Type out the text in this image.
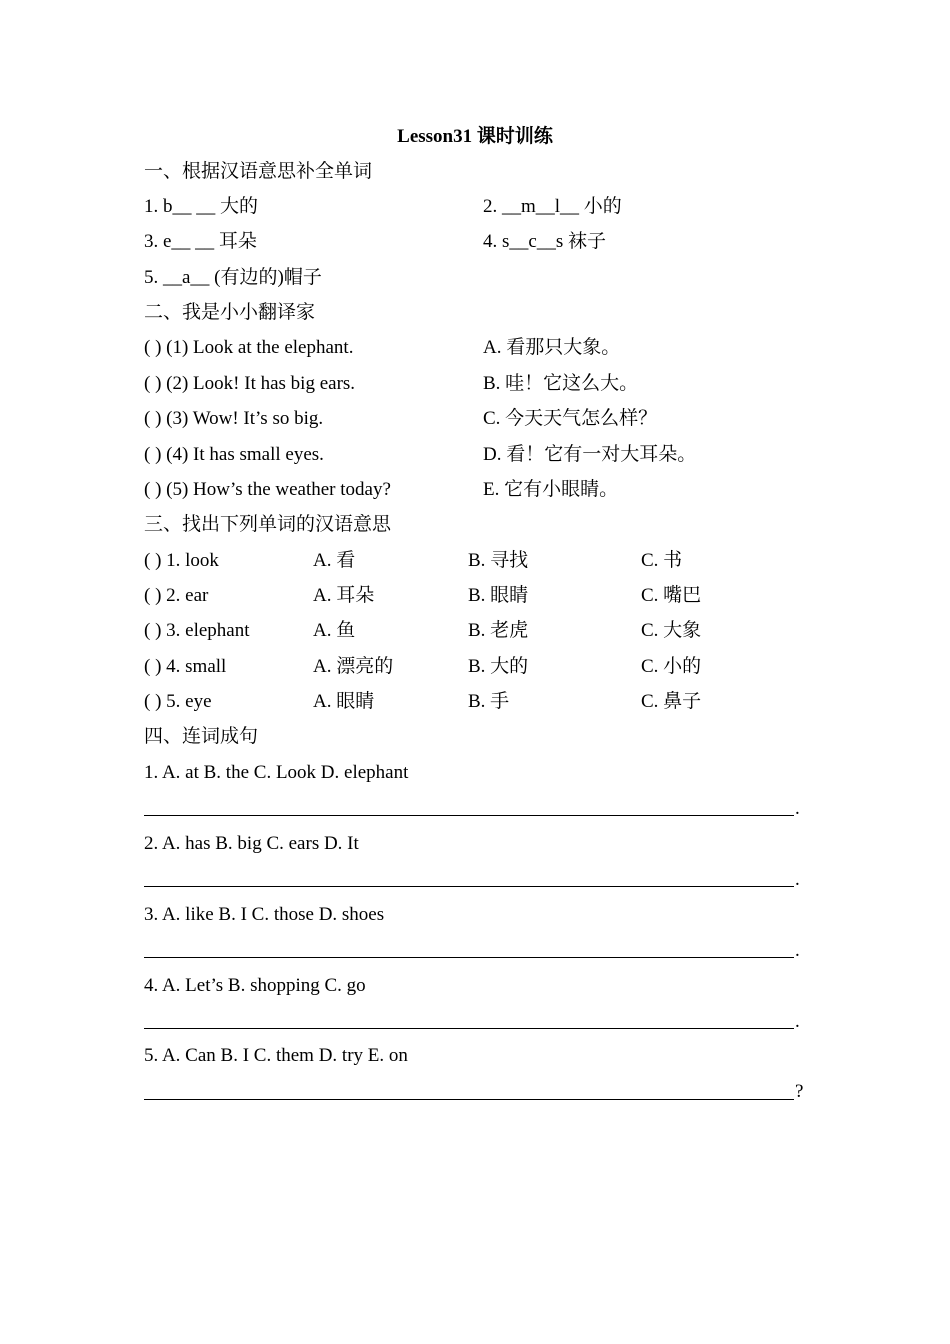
Lesson31 课时训练
一、根据汉语意思补全单词
1. b__ __ 大的	2. __m__l__ 小的
3. e__ __ 耳朵	4. s__c__s 袜子
5. __a__ (有边的)帽子
二、我是小小翻译家
( ) (1) Look at the elephant.	A. 看那只大象。
( ) (2) Look! It has big ears.	B. 哇！它这么大。
( ) (3) Wow! It’s so big.	C. 今天天气怎么样？
( ) (4) It has small eyes.	D. 看！它有一对大耳朵。
( ) (5) How’s the weather today?	E. 它有小眼睛。
三、找出下列单词的汉语意思
( ) 1. look	A. 看	B. 寻找	C. 书
( ) 2. ear	A. 耳朵	B. 眼睛	C. 嘴巴
( ) 3. elephant	A. 鱼	B. 老虎	C. 大象
( ) 4. small	A. 漂亮的	B. 大的	C. 小的
( ) 5. eye	A. 眼睛	B. 手	C. 鼻子
四、连词成句
1. A. at B. the C. Look D. elephant
.
2. A. has B. big C. ears D. It
.
3. A. like B. I C. those D. shoes
.
4. A. Let’s B. shopping C. go
.
5. A. Can B. I C. them D. try E. on
?
